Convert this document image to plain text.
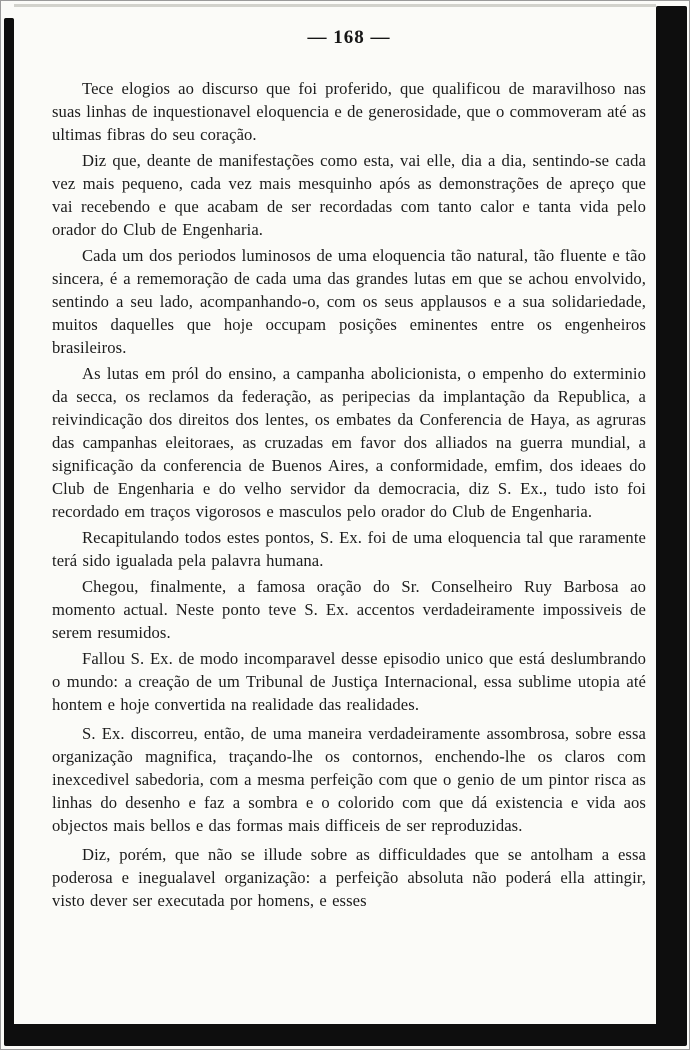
— 168 —

Tece elogios ao discurso que foi proferido, que qualificou de maravilhoso nas suas linhas de inquestionavel eloquencia e de generosidade, que o commoveram até as ultimas fibras do seu coração.

Diz que, deante de manifestações como esta, vai elle, dia a dia, sentindo-se cada vez mais pequeno, cada vez mais mesquinho após as demonstrações de apreço que vai recebendo e que acabam de ser recordadas com tanto calor e tanta vida pelo orador do Club de Engenharia.

Cada um dos periodos luminosos de uma eloquencia tão natural, tão fluente e tão sincera, é a rememoração de cada uma das grandes lutas em que se achou envolvido, sentindo a seu lado, acompanhando-o, com os seus applausos e a sua solidariedade, muitos daquelles que hoje occupam posições eminentes entre os engenheiros brasileiros.

As lutas em pról do ensino, a campanha abolicionista, o empenho do exterminio da secca, os reclamos da federação, as peripecias da implantação da Republica, a reivindicação dos direitos dos lentes, os embates da Conferencia de Haya, as agruras das campanhas eleitoraes, as cruzadas em favor dos alliados na guerra mundial, a significação da conferencia de Buenos Aires, a conformidade, emfim, dos ideaes do Club de Engenharia e do velho servidor da democracia, diz S. Ex., tudo isto foi recordado em traços vigorosos e masculos pelo orador do Club de Engenharia.

Recapitulando todos estes pontos, S. Ex. foi de uma eloquencia tal que raramente terá sido igualada pela palavra humana.

Chegou, finalmente, a famosa oração do Sr. Conselheiro Ruy Barbosa ao momento actual. Neste ponto teve S. Ex. accentos verdadeiramente impossiveis de serem resumidos.

Fallou S. Ex. de modo incomparavel desse episodio unico que está deslumbrando o mundo: a creação de um Tribunal de Justiça Internacional, essa sublime utopia até hontem e hoje convertida na realidade das realidades.

S. Ex. discorreu, então, de uma maneira verdadeiramente assombrosa, sobre essa organização magnifica, traçando-lhe os contornos, enchendo-lhe os claros com inexcedivel sabedoria, com a mesma perfeição com que o genio de um pintor risca as linhas do desenho e faz a sombra e o colorido com que dá existencia e vida aos objectos mais bellos e das formas mais difficeis de ser reproduzidas.

Diz, porém, que não se illude sobre as difficuldades que se antolham a essa poderosa e inegualavel organização: a perfeição absoluta não poderá ella attingir, visto dever ser executada por homens, e esses
